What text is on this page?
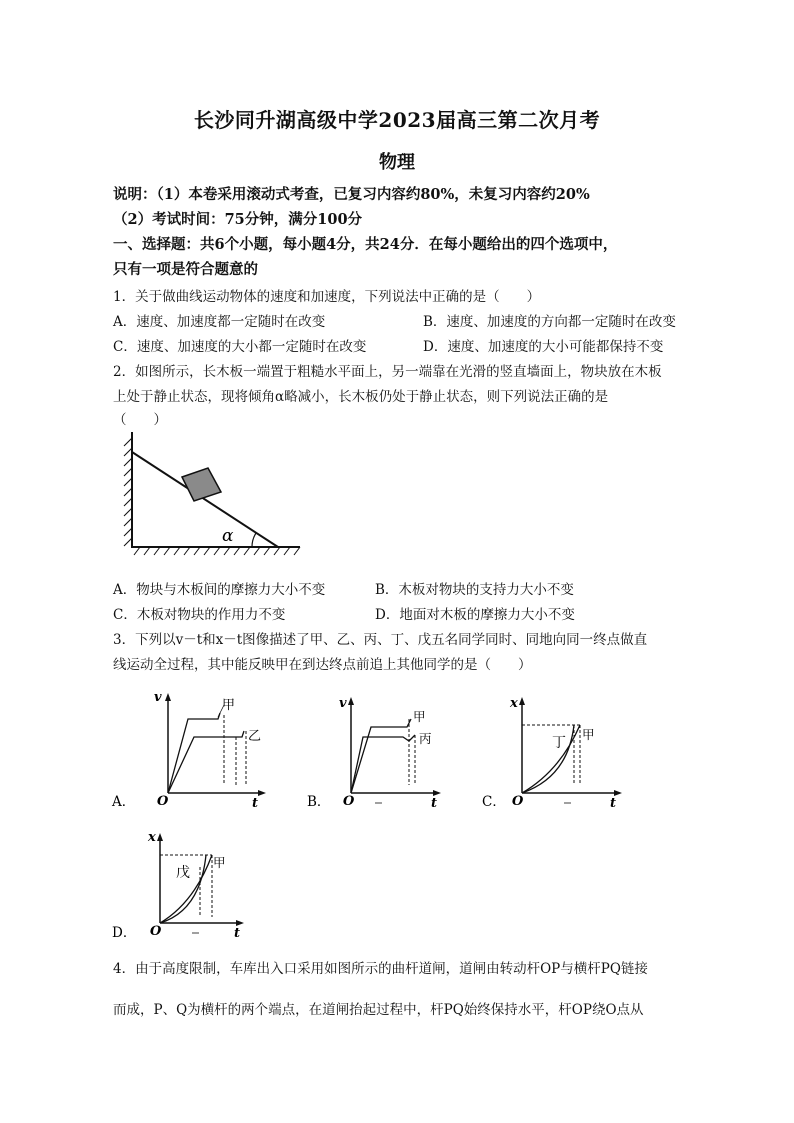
长沙同升湖高级中学2023届高三第二次月考
物理
说明：（1）本卷采用滚动式考查，已复习内容约80%，未复习内容约20%
（2）考试时间：75分钟，满分100分
一、选择题：共6个小题，每小题4分，共24分．在每小题给出的四个选项中，
只有一项是符合题意的
1．关于做曲线运动物体的速度和加速度，下列说法中正确的是（　　）
A．速度、加速度都一定随时在改变	B．速度、加速度的方向都一定随时在改变
C．速度、加速度的大小都一定随时在改变	D．速度、加速度的大小可能都保持不变
2．如图所示，长木板一端置于粗糙水平面上，另一端靠在光滑的竖直墙面上，物块放在木板
上处于静止状态，现将倾角α略减小，长木板仍处于静止状态，则下列说法正确的是
（　　）
α
A．物块与木板间的摩擦力大小不变	B．木板对物块的支持力大小不变
C．木板对物块的作用力不变	D．地面对木板的摩擦力大小不变
3．下列以v－t和x－t图像描述了甲、乙、丙、丁、戊五名同学同时、同地向同一终点做直
线运动全过程，其中能反映甲在到达终点前追上其他同学的是（　　）
A．
v
t
O
甲
乙
B．
v
t
O
甲
丙
C．
x
t
O
丁
甲
D．
x
t
O
戊
甲
4．由于高度限制，车库出入口采用如图所示的曲杆道闸，道闸由转动杆OP与横杆PQ链接
而成，P、Q为横杆的两个端点，在道闸抬起过程中，杆PQ始终保持水平，杆OP绕O点从
